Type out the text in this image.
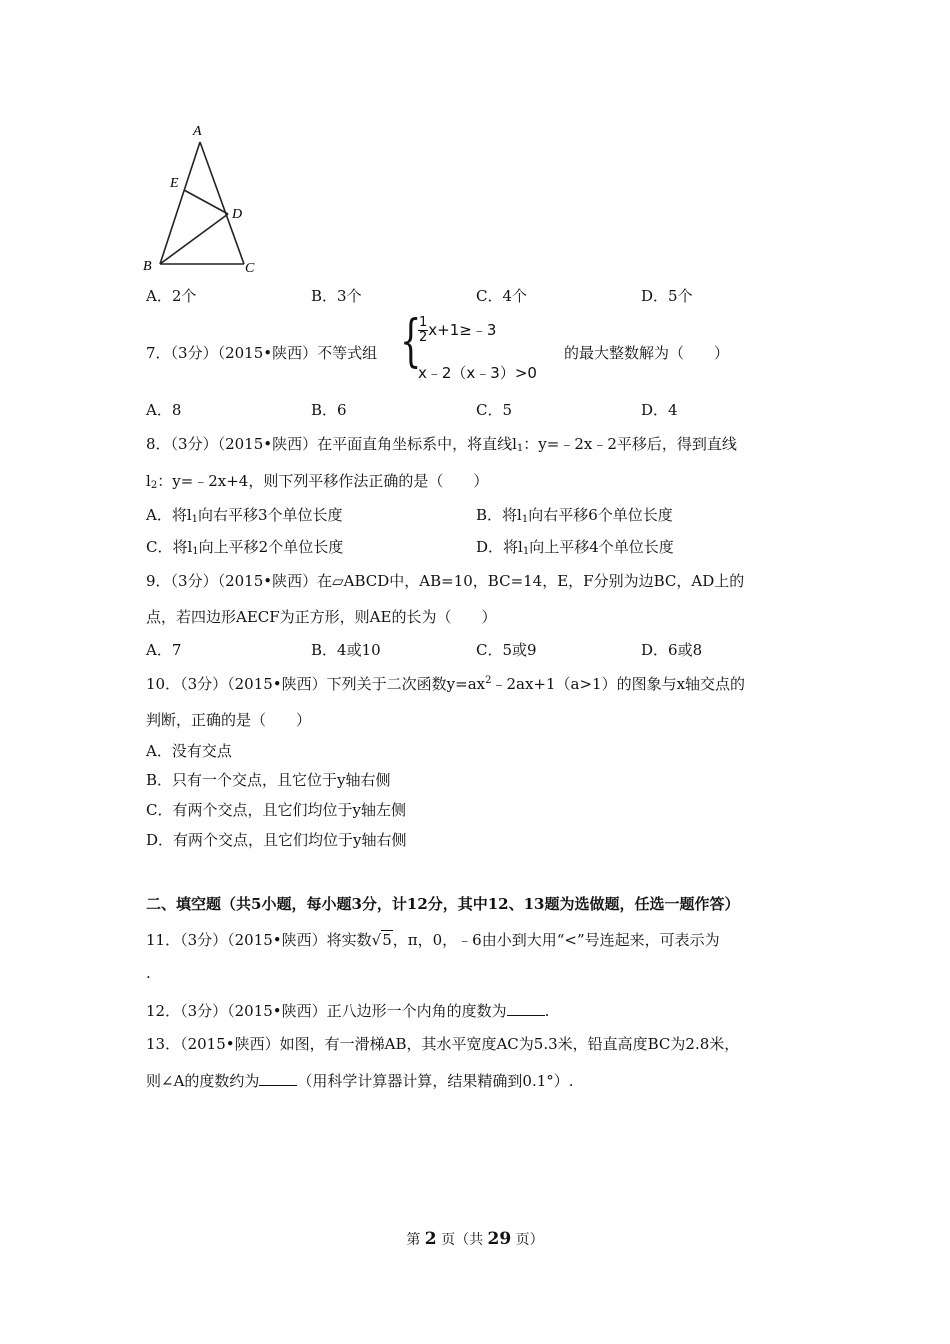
A
E
D
B	C
A．2个	B．3个	C．4个	D．5个
7．（3分）（2015•陕西）不等式组 {
$\frac{1}{2}$ x+1≥﹣3
x﹣2（x﹣3）>0
的最大整数解为（　　）
A．8	B．6	C．5	D．4
8．（3分）（2015•陕西）在平面直角坐标系中，将直线$l_1$：y=﹣2x﹣2平移后，得到直线
$l_2$：y=﹣2x+4，则下列平移作法正确的是（　　）
A．将$l_1$向右平移3个单位长度	B．将$l_1$向右平移6个单位长度
C．将$l_1$向上平移2个单位长度	D．将$l_1$向上平移4个单位长度
9．（3分）（2015•陕西）在▱ABCD中，AB=10，BC=14，E，F分别为边BC，AD上的
点，若四边形AECF为正方形，则AE的长为（　　）
A．7	B．4或10	C．5或9	D．6或8
10．（3分）（2015•陕西）下列关于二次函数$y=ax^2﹣2ax+1(a>1)$的图象与x轴交点的
判断，正确的是（　　）
A．没有交点
B．只有一个交点，且它位于y轴右侧
C．有两个交点，且它们均位于y轴左侧
D．有两个交点，且它们均位于y轴右侧
二、填空题（共5小题，每小题3分，计12分，其中12、13题为选做题，任选一题作答）
11．（3分）（2015•陕西）将实数√5，π，0，﹣6由小到大用“<”号连起来，可表示为
.
12．（3分）（2015•陕西）正八边形一个内角的度数为	.
13．（2015•陕西）如图，有一滑梯AB，其水平宽度AC为5.3米，铅直高度BC为2.8米，
则∠A的度数约为	（用科学计算器计算，结果精确到0.1°）.
第 2 页（共 29 页）
